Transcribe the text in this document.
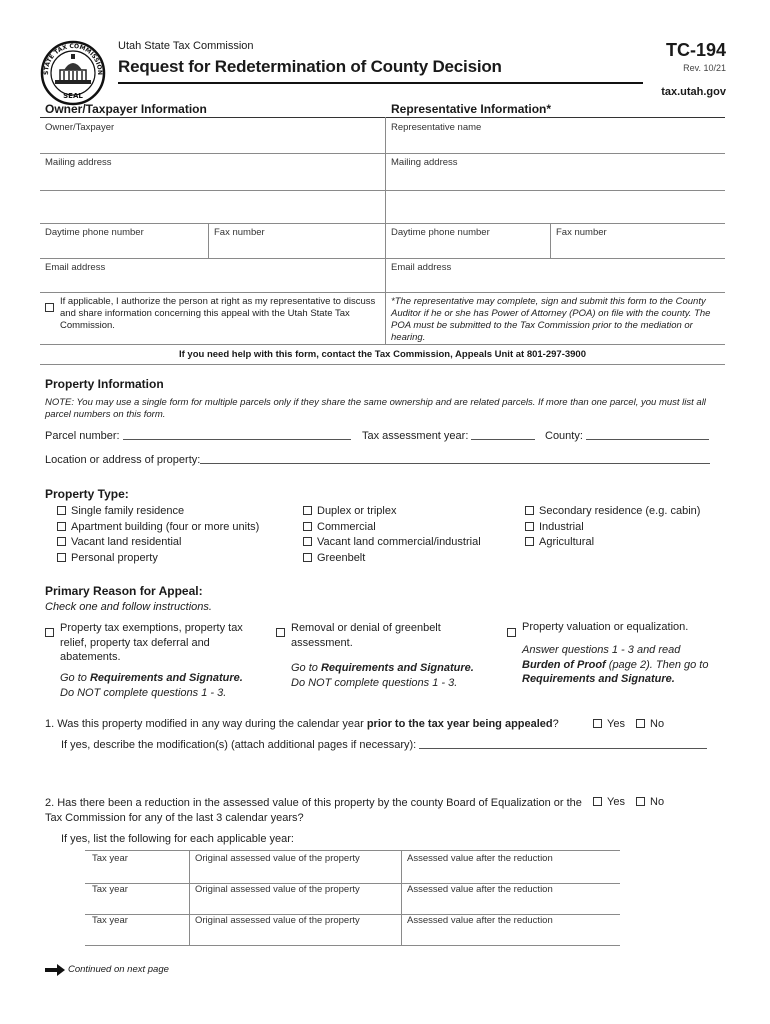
STATE TAX COMMISSION
SEAL
Utah State Tax Commission
Request for Redetermination of County Decision
TC-194
Rev. 10/21
tax.utah.gov
Owner/Taxpayer Information	Representative Information*
Owner/Taxpayer	Representative name
Mailing address	Mailing address
Daytime phone number	Fax number	Daytime phone number	Fax number
Email address	Email address
If applicable, I authorize the person at right as my representative to discuss and share information concerning this appeal with the Utah State Tax Commission.
*The representative may complete, sign and submit this form to the County Auditor if he or she has Power of Attorney (POA) on file with the county. The POA must be submitted to the Tax Commission prior to the mediation or hearing.
If you need help with this form, contact the Tax Commission, Appeals Unit at 801-297-3900
Property Information
NOTE: You may use a single form for multiple parcels only if they share the same ownership and are related parcels. If more than one parcel, you must list all parcel numbers on this form.
Parcel number:	Tax assessment year:	County:
Location or address of property:
Property Type:
Single family residence
Apartment building (four or more units)
Vacant land residential
Personal property
Duplex or triplex
Commercial
Vacant land commercial/industrial
Greenbelt
Secondary residence (e.g. cabin)
Industrial
Agricultural
Primary Reason for Appeal:
Check one and follow instructions.
Property tax exemptions, property tax relief, property tax deferral and abatements.
Go to Requirements and Signature.
Do NOT complete questions 1 - 3.
Removal or denial of greenbelt assessment.
Go to Requirements and Signature.
Do NOT complete questions 1 - 3.
Property valuation or equalization.
Answer questions 1 - 3 and read
Burden of Proof (page 2). Then go to
Requirements and Signature.
1. Was this property modified in any way during the calendar year prior to the tax year being appealed?	Yes	No
If yes, describe the modification(s) (attach additional pages if necessary):
2. Has there been a reduction in the assessed value of this property by the county Board of Equalization or the Tax Commission for any of the last 3 calendar years?
Yes	No
If yes, list the following for each applicable year:
Tax year	Original assessed value of the property	Assessed value after the reduction
Tax year	Original assessed value of the property	Assessed value after the reduction
Tax year	Original assessed value of the property	Assessed value after the reduction
Continued on next page
